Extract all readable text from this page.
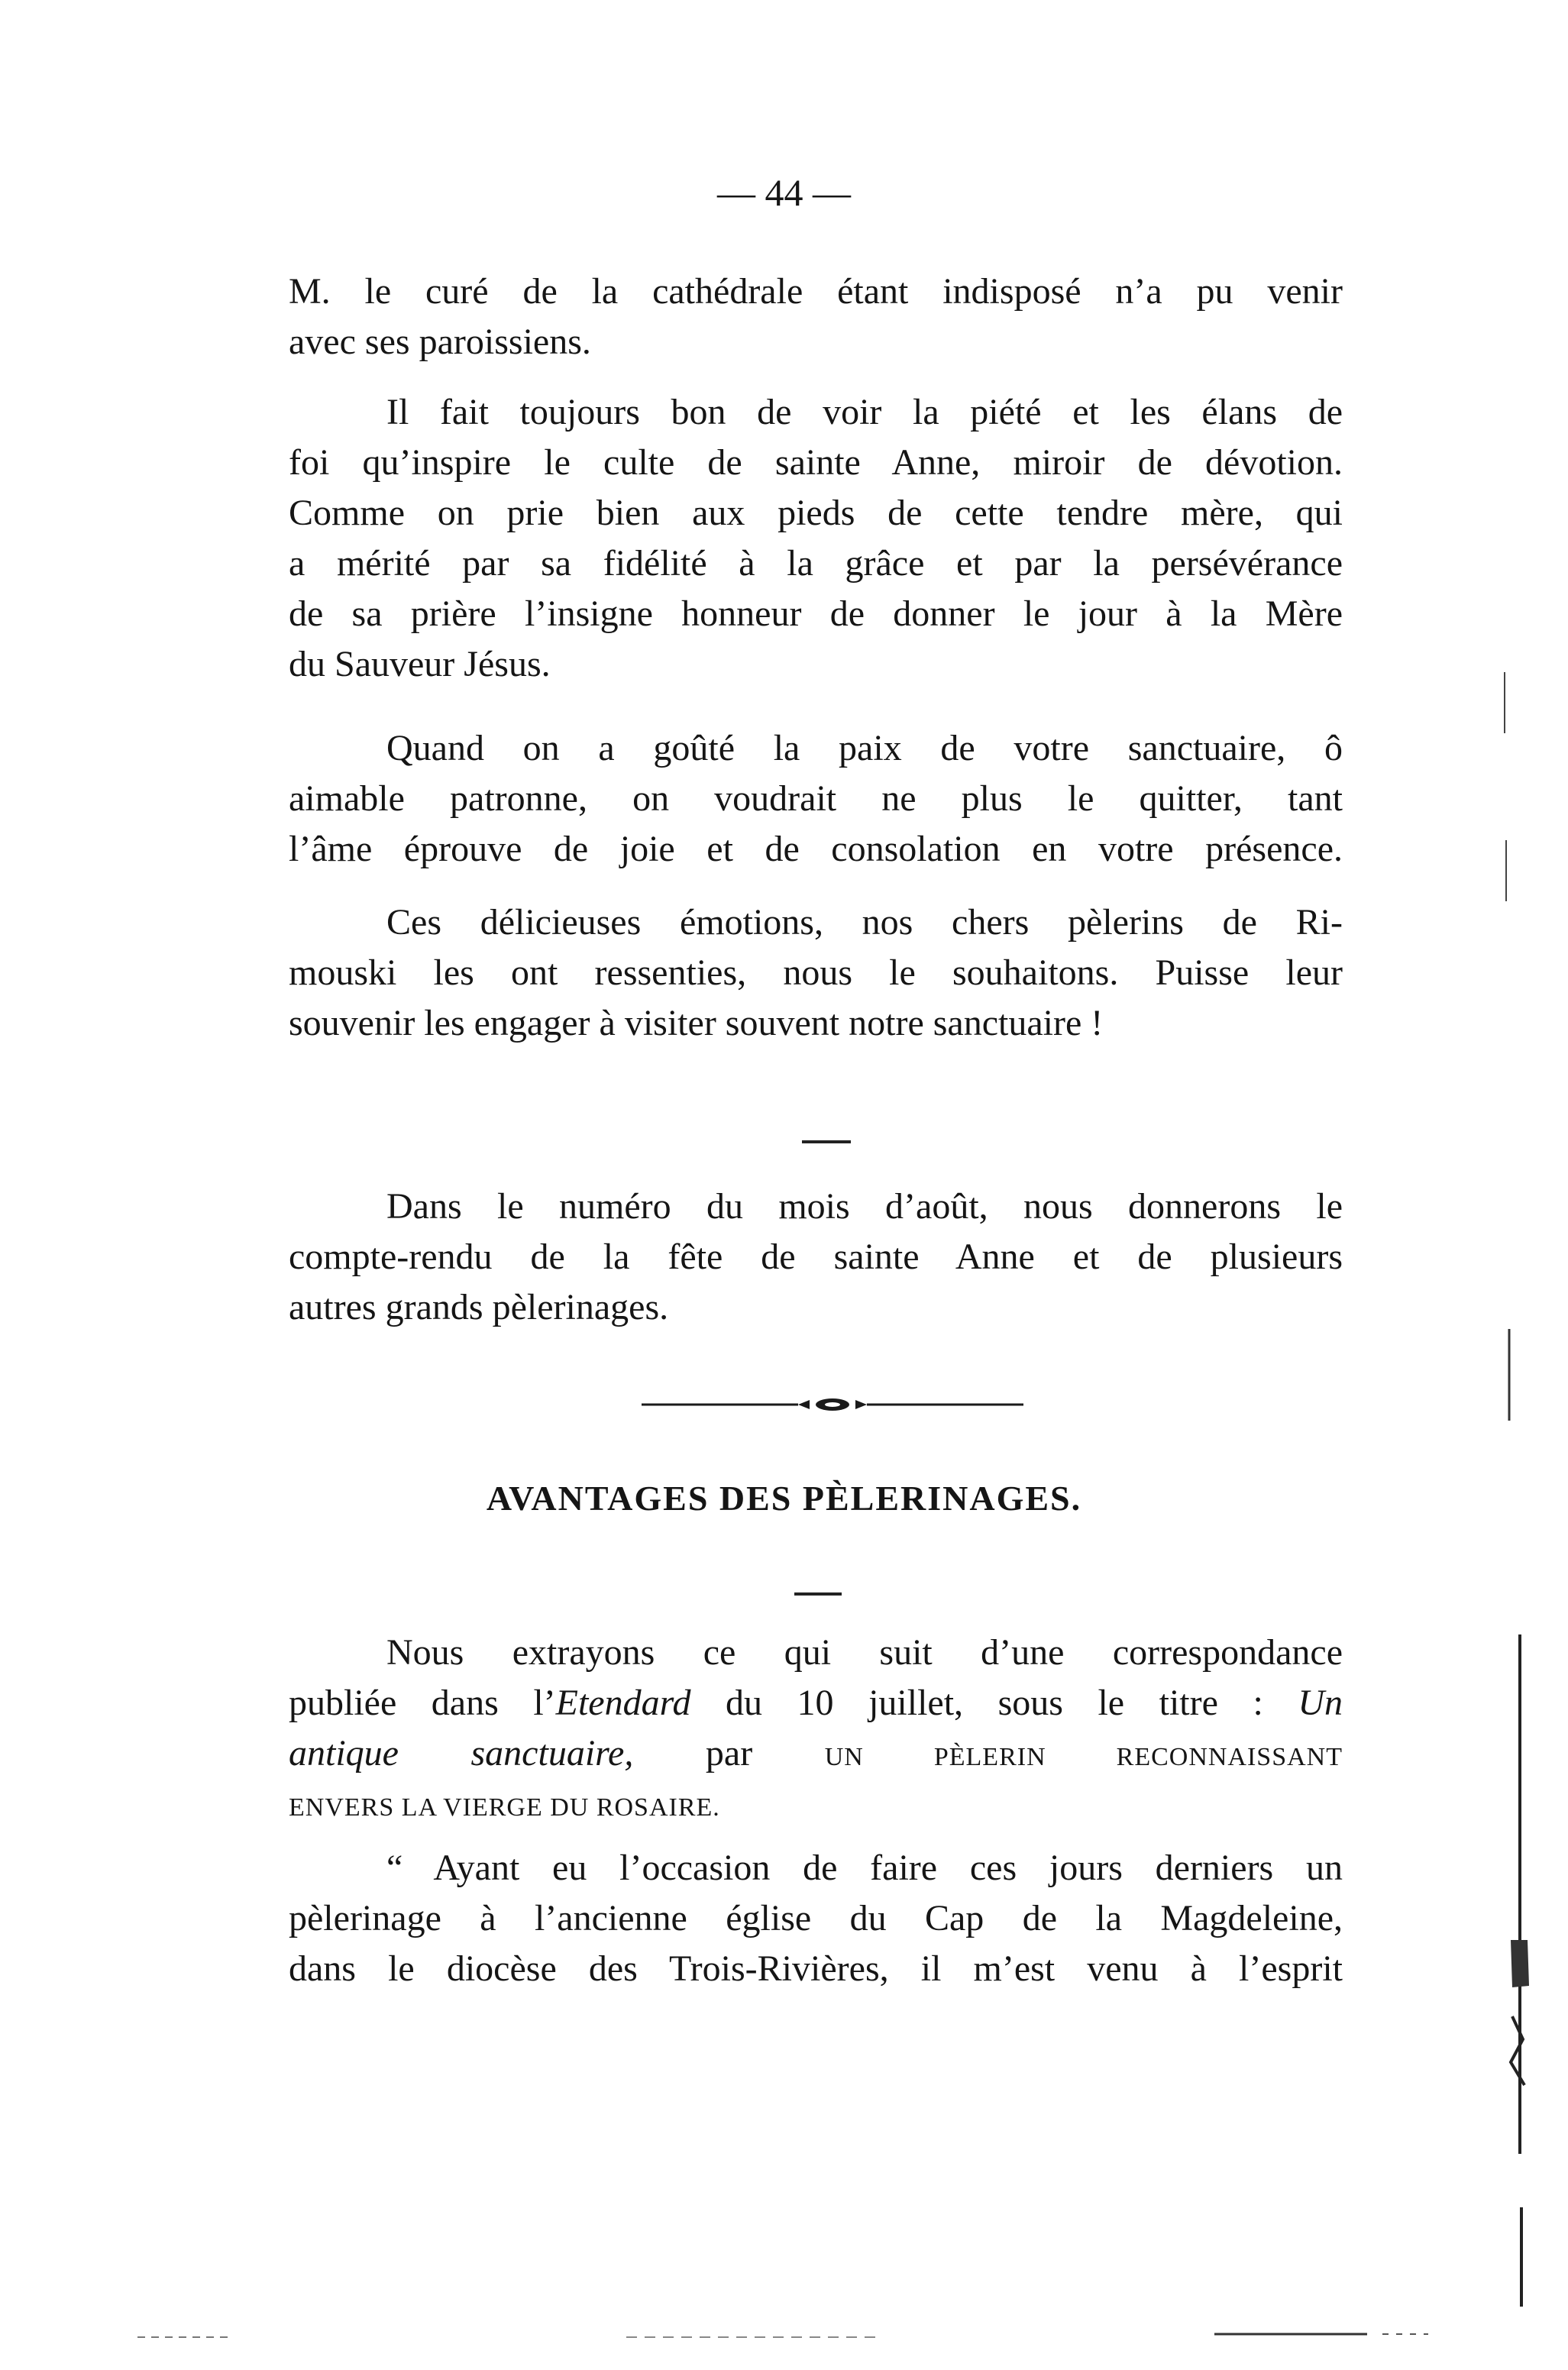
— 44 —
M. le curé de la cathédrale étant indisposé n’a pu venir
avec ses paroissiens.
Il fait toujours bon de voir la piété et les élans de
foi qu’inspire le culte de sainte Anne, miroir de dévotion.
Comme on prie bien aux pieds de cette tendre mère, qui
a mérité par sa fidélité à la grâce et par la persévérance
de sa prière l’insigne honneur de donner le jour à la Mère
du Sauveur Jésus.
Quand on a goûté la paix de votre sanctuaire, ô
aimable patronne, on voudrait ne plus le quitter, tant
l’âme éprouve de joie et de consolation en votre présence.
Ces délicieuses émotions, nos chers pèlerins de Ri-
mouski les ont ressenties, nous le souhaitons. Puisse leur
souvenir les engager à visiter souvent notre sanctuaire !
Dans le numéro du mois d’août, nous donnerons le
compte-rendu de la fête de sainte Anne et de plusieurs
autres grands pèlerinages.
Nous extrayons ce qui suit d’une correspondance
publiée dans l’Etendard du 10 juillet, sous le titre : Un
antique sanctuaire, par UN PÈLERIN RECONNAISSANT
ENVERS LA VIERGE DU ROSAIRE.
“ Ayant eu l’occasion de faire ces jours derniers un
pèlerinage à l’ancienne église du Cap de la Magdeleine,
dans le diocèse des Trois-Rivières, il m’est venu à l’esprit
AVANTAGES DES PÈLERINAGES.
